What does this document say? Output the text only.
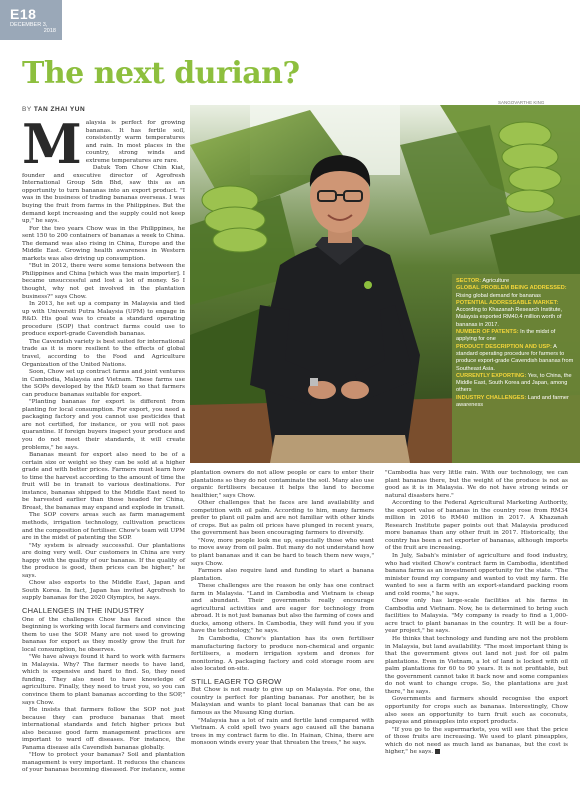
E18
DECEMBER 3,
2018
The next durian?
BY TAN ZHAI YUN
SANGOVARTHE KING
SECTOR: Agriculture
GLOBAL PROBLEM BEING ADDRESSED: Rising global demand for bananas
POTENTIAL ADDRESSABLE MARKET: According to Khazanah Research Institute, Malaysia exported RM40.4 million worth of bananas in 2017.
NUMBER OF PATENTS: In the midst of applying for one
PRODUCT DESCRIPTION AND USP: A standard operating procedure for farmers to produce export-grade Cavendish bananas from Southeast Asia.
CURRENTLY EXPORTING: Yes, to China, the Middle East, South Korea and Japan, among others
INDUSTRY CHALLENGES: Land and farmer awareness

Malaysia is perfect for growing bananas. It has fertile soil, consistently warm temperatures and rain. In most places in the country, strong winds and extreme temperatures are rare.

Datuk Tom Chow Chin Kiat, founder and executive director of Agrofresh International Group Sdn Bhd, saw this as an opportunity to turn bananas into an export product. "I was in the business of trading bananas overseas. I was buying the fruit from farms in the Philippines. But the demand kept increasing and the supply could not keep up," he says.

For the two years Chow was in the Philippines, he sent 150 to 200 containers of bananas a week to China. The demand was also rising in China, Europe and the Middle East. Growing health awareness in Western markets was also driving up consumption.

"But in 2012, there were some tensions between the Philippines and China [which was the main importer]. I became unsuccessful and lost a lot of money. So I thought, why not get involved in the plantation business?" says Chow.

In 2013, he set up a company in Malaysia and tied up with Universiti Putra Malaysia (UPM) to engage in R&D. His goal was to create a standard operating procedure (SOP) that contract farms could use to produce export-grade Cavendish bananas.

The Cavendish variety is best suited for international trade as it is more resilient to the effects of global travel, according to the Food and Agriculture Organization of the United Nations.

Soon, Chow set up contract farms and joint ventures in Cambodia, Malaysia and Vietnam. These farms use the SOPs developed by the R&D team so that farmers can produce bananas suitable for export.

"Planting bananas for export is different from planting for local consumption. For export, you need a packaging factory and you cannot use pesticides that are not certified, for instance, or you will not pass quarantine. If foreign buyers inspect your produce and you do not meet their standards, it will create problems," he says.

Bananas meant for export also need to be of a certain size or weight so they can be sold at a higher grade and with better prices. Farmers must learn how to time the harvest according to the amount of time the fruit will be in transit to various destinations. For instance, bananas shipped to the Middle East need to be harvested earlier than those headed for China, Breast, the bananas may expand and explode in transit.

The SOP covers areas such as farm management methods, irrigation technology, cultivation practices and the composition of fertiliser. Chow's team will UPM are in the midst of patenting the SOP.

"My system is already successful. Our plantations are doing very well. Our customers in China are very happy with the quality of our bananas. If the quality of the produce is good, then prices can be higher," he says.

Chow also exports to the Middle East, Japan and South Korea. In fact, Japan has invited Agrofresh to supply bananas for the 2020 Olympics, he says.

CHALLENGES IN THE INDUSTRY

One of the challenges Chow has faced since the beginning is working with local farmers and convincing them to use the SOP. Many are not used to growing bananas for export as they mostly grow the fruit for local consumption, he observes.

"We have always found it hard to work with farmers in Malaysia. Why? The farmer needs to have land, which is expensive and hard to find. So, they need funding. They also need to have knowledge of agriculture. Finally, they need to trust you, so you can convince them to plant bananas according to the SOP," says Chow.

He insists that farmers follow the SOP not just because they can produce bananas that meet international standards and fetch higher prices but also because good farm management practices are important to ward off diseases. For instance, the Panama disease ails Cavendish bananas globally.

"How to protect your bananas? Soil and plantation management is very important. It reduces the chances of your bananas becoming diseased. For instance, some

plantation owners do not allow people or cars to enter their plantations so they do not contaminate the soil. Many also use organic fertilisers because it helps the land to become healthier," says Chow.

Other challenges that he faces are land availability and competition with oil palm. According to him, many farmers prefer to plant oil palm and are not familiar with other kinds of crops. But as palm oil prices have plunged in recent years, the government has been encouraging farmers to diversify.

"Now, more people look me up, especially those who want to move away from oil palm. But many do not understand how to plant bananas and it can be hard to teach them new ways," says Chow.

Farmers also require land and funding to start a banana plantation.

These challenges are the reason he only has one contract farm in Malaysia. "Land in Cambodia and Vietnam is cheap and abundant. Their governments really encourage agricultural activities and are eager for technology from abroad. It is not just bananas but also the farming of cows and ducks, among others. In Cambodia, they will fund you if you have the technology," he says.

In Cambodia, Chow's plantation has its own fertiliser manufacturing factory to produce non-chemical and organic fertilisers, a modern irrigation system and drones for monitoring. A packaging factory and cold storage room are also located on-site.

STILL EAGER TO GROW

But Chow is not ready to give up on Malaysia. For one, the country is perfect for planting bananas. For another, he is Malaysian and wants to plant local bananas that can be as famous as the Musang King durian.

"Malaysia has a lot of rain and fertile land compared with Vietnam. A cold spell two years ago caused all the banana trees in my contract farm to die. In Hainan, China, there are monsoon winds every year that threaten the trees," he says.

"Cambodia has very little rain. With our technology, we can plant bananas there, but the weight of the produce is not as good as it is in Malaysia. We do not have strong winds or natural disasters here."

According to the Federal Agricultural Marketing Authority, the export value of bananas in the country rose from RM34 million in 2016 to RM40 million in 2017. A Khazanah Research Institute paper points out that Malaysia produced more bananas than any other fruit in 2017. Historically, the country has been a net exporter of bananas, although imports of the fruit are increasing.

In July, Sabah's minister of agriculture and food industry, who had visited Chow's contract farm in Cambodia, identified banana farms as an investment opportunity for the state. "The minister found my company and wanted to visit my farm. He wanted to see a farm with an export-standard packing room and cold rooms," he says.

Chow only has large-scale facilities at his farms in Cambodia and Vietnam. Now, he is determined to bring such facilities to Malaysia. "My company is ready to find a 1,000-acre tract to plant bananas in the country. It will be a four-year project," he says.

He thinks that technology and funding are not the problem in Malaysia, but land availability. "The most important thing is that the government gives out land not just for oil palm plantations. Even in Vietnam, a lot of land is locked with oil palm plantations for 60 to 90 years. It is not profitable, but the government cannot take it back now and some companies do not want to change crops. So, the plantations are just there," he says.

Governments and farmers should recognise the export opportunity for crops such as bananas. Interestingly, Chow also sees an opportunity to turn fruit such as coconuts, papayas and pineapples into export products.

"If you go to the supermarkets, you will see that the price of those fruits are increasing. We used to plant pineapples, which do not need as much land as bananas, but the cost is higher," he says.
